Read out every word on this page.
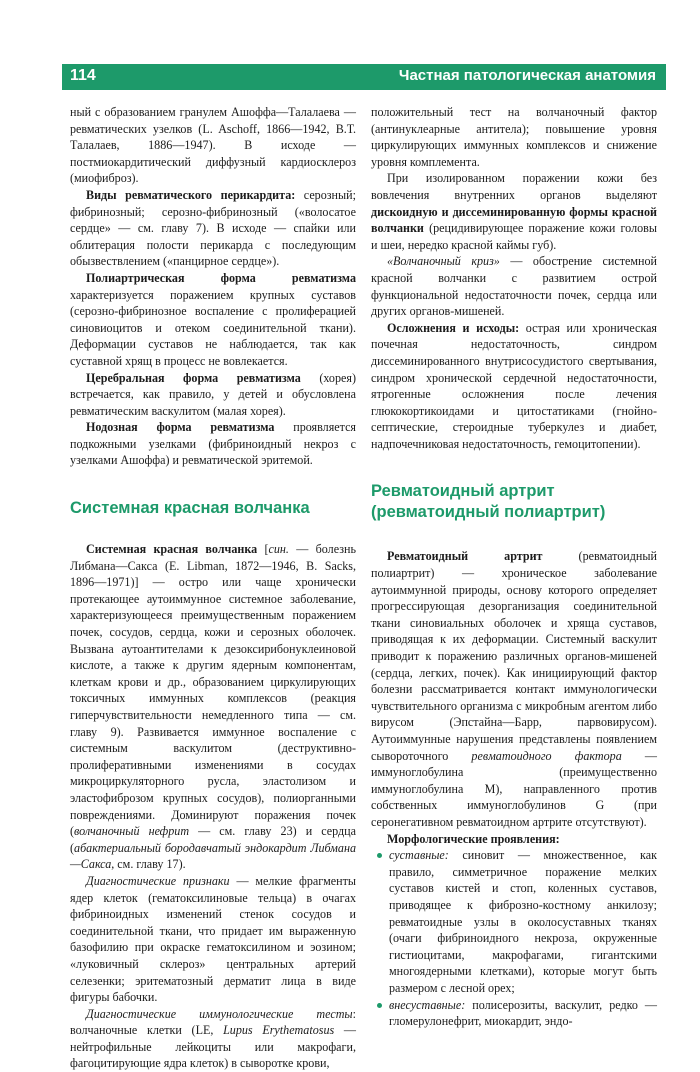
114	Частная патологическая анатомия

ный с образованием гранулем Ашоффа—Талалаева — ревматических узелков (L. Aschoff, 1866—1942, В.Т. Талалаев, 1886—1947). В исходе — постмиокардитический диффузный кардиосклероз (миофиброз).

Виды ревматического перикардита: серозный; фибринозный; серозно-фибринозный («волосатое сердце» — см. главу 7). В исходе — спайки или облитерация полости перикарда с последующим обызвествлением («панцирное сердце»).

Полиартрическая форма ревматизма характеризуется поражением крупных суставов (серозно-фибринозное воспаление с пролиферацией синовиоцитов и отеком соединительной ткани). Деформации суставов не наблюдается, так как суставной хрящ в процесс не вовлекается.

Церебральная форма ревматизма (хорея) встречается, как правило, у детей и обусловлена ревматическим васкулитом (малая хорея).

Нодозная форма ревматизма проявляется подкожными узелками (фибриноидный некроз с узелками Ашоффа) и ревматической эритемой.

Системная красная волчанка

Системная красная волчанка [син. — болезнь Либмана—Сакса (E. Libman, 1872—1946, B. Sacks, 1896—1971)] — остро или чаще хронически протекающее аутоиммунное системное заболевание, характеризующееся преимущественным поражением почек, сосудов, сердца, кожи и серозных оболочек. Вызвана аутоантителами к дезоксирибонуклеиновой кислоте, а также к другим ядерным компонентам, клеткам крови и др., образованием циркулирующих токсичных иммунных комплексов (реакция гиперчувствительности немедленного типа — см. главу 9). Развивается иммунное воспаление с системным васкулитом (деструктивно-пролиферативными изменениями в сосудах микроциркуляторного русла, эластолизом и эластофиброзом крупных сосудов), полиорганными повреждениями. Доминируют поражения почек (волчаночный нефрит — см. главу 23) и сердца (абактериальный бородавчатый эндокардит Либмана—Сакса, см. главу 17).

Диагностические признаки — мелкие фрагменты ядер клеток (гематоксилиновые тельца) в очагах фибриноидных изменений стенок сосудов и соединительной ткани, что придает им выраженную базофилию при окраске гематоксилином и эозином; «луковичный склероз» центральных артерий селезенки; эритематозный дерматит лица в виде фигуры бабочки.

Диагностические иммунологические тесты: волчаночные клетки (LE, Lupus Erythematosus — нейтрофильные лейкоциты или макрофаги, фагоцитирующие ядра клеток) в сыворотке крови,

положительный тест на волчаночный фактор (антинуклеарные антитела); повышение уровня циркулирующих иммунных комплексов и снижение уровня комплемента.

При изолированном поражении кожи без вовлечения внутренних органов выделяют дискоидную и диссеминированную формы красной волчанки (рецидивирующее поражение кожи головы и шеи, нередко красной каймы губ).

«Волчаночный криз» — обострение системной красной волчанки с развитием острой функциональной недостаточности почек, сердца или других органов-мишеней.

Осложнения и исходы: острая или хроническая почечная недостаточность, синдром диссеминированного внутрисосудистого свертывания, синдром хронической сердечной недостаточности, ятрогенные осложнения после лечения глюкокортикоидами и цитостатиками (гнойно-септические, стероидные туберкулез и диабет, надпочечниковая недостаточность, гемоцитопении).

Ревматоидный артрит (ревматоидный полиартрит)

Ревматоидный артрит (ревматоидный полиартрит) — хроническое заболевание аутоиммунной природы, основу которого определяет прогрессирующая дезорганизация соединительной ткани синовиальных оболочек и хряща суставов, приводящая к их деформации. Системный васкулит приводит к поражению различных органов-мишеней (сердца, легких, почек). Как инициирующий фактор болезни рассматривается контакт иммунологически чувствительного организма с микробным агентом либо вирусом (Эпстайна—Барр, парвовирусом). Аутоиммунные нарушения представлены появлением сывороточного ревматоидного фактора — иммуноглобулина (преимущественно иммуноглобулина M), направленного против собственных иммуноглобулинов G (при серонегативном ревматоидном артрите отсутствуют).

Морфологические проявления:

суставные: синовит — множественное, как правило, симметричное поражение мелких суставов кистей и стоп, коленных суставов, приводящее к фиброзно-костному анкилозу; ревматоидные узлы в околосуставных тканях (очаги фибриноидного некроза, окруженные гистиоцитами, макрофагами, гигантскими многоядерными клетками), которые могут быть размером с лесной орех;
внесуставные: полисерозиты, васкулит, редко — гломерулонефрит, миокардит, эндо-
